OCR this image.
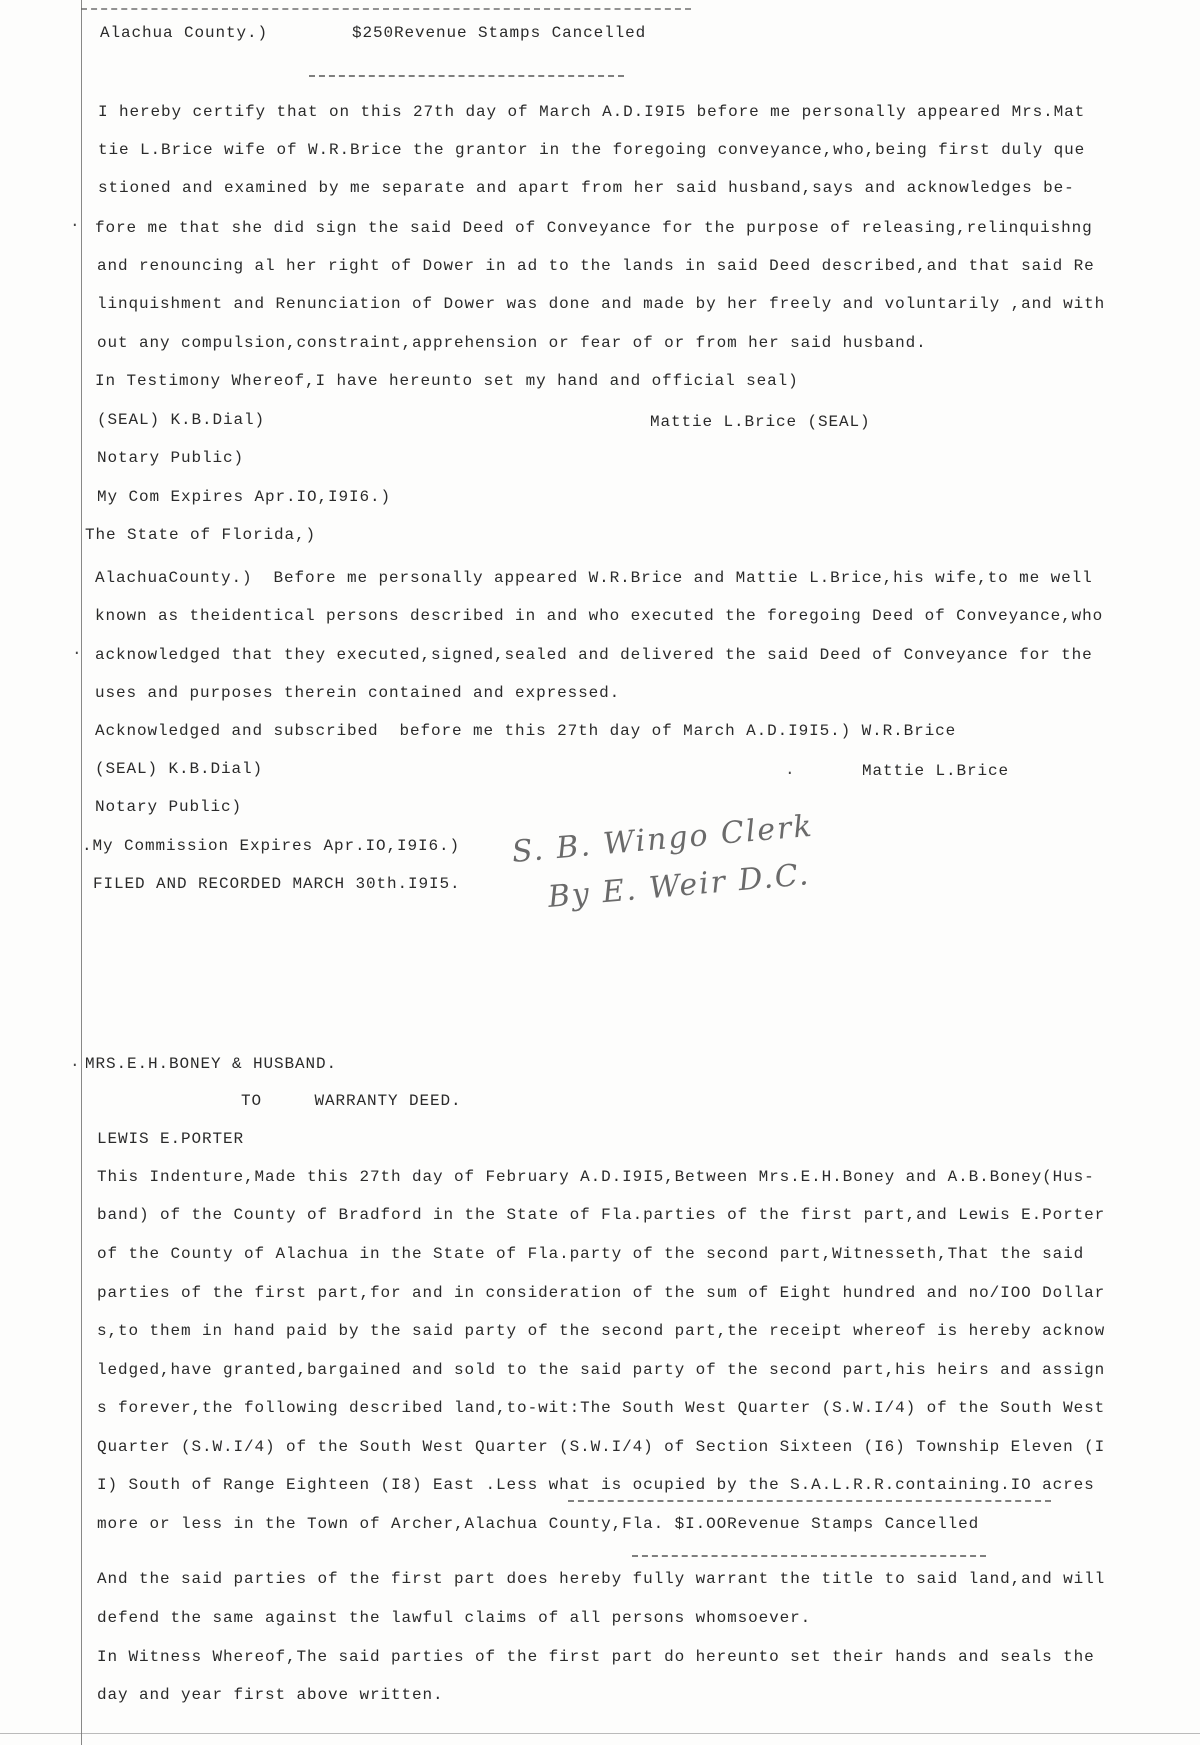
Alachua County.)        $250Revenue Stamps Cancelled
I hereby certify that on this 27th day of March A.D.I9I5 before me personally appeared Mrs.Mat
tie L.Brice wife of W.R.Brice the grantor in the foregoing conveyance,who,being first duly que
stioned and examined by me separate and apart from her said husband,says and acknowledges be-
. fore me that she did sign the said Deed of Conveyance for the purpose of releasing,relinquishng
and renouncing al her right of Dower in ad to the lands in said Deed described,and that said Re
linquishment and Renunciation of Dower was done and made by her freely and voluntarily ,and with
out any compulsion,constraint,apprehension or fear of or from her said husband.
In Testimony Whereof,I have hereunto set my hand and official seal)
(SEAL) K.B.Dial)	Mattie L.Brice (SEAL)
Notary Public)
My Com Expires Apr.IO,I9I6.)
The State of Florida,)
AlachuaCounty.)  Before me personally appeared W.R.Brice and Mattie L.Brice,his wife,to me well
known as theidentical persons described in and who executed the foregoing Deed of Conveyance,who
. acknowledged that they executed,signed,sealed and delivered the said Deed of Conveyance for the
uses and purposes therein contained and expressed.
Acknowledged and subscribed  before me this 27th day of March A.D.I9I5.) W.R.Brice
(SEAL) K.B.Dial)	.	Mattie L.Brice
Notary Public)
.My Commission Expires Apr.IO,I9I6.)
FILED AND RECORDED MARCH 30th.I9I5.
S. B. Wingo Clerk
By E. Weir D.C.
. MRS.E.H.BONEY & HUSBAND.
TO     WARRANTY DEED.
LEWIS E.PORTER
This Indenture,Made this 27th day of February A.D.I9I5,Between Mrs.E.H.Boney and A.B.Boney(Hus-
band) of the County of Bradford in the State of Fla.parties of the first part,and Lewis E.Porter
of the County of Alachua in the State of Fla.party of the second part,Witnesseth,That the said
parties of the first part,for and in consideration of the sum of Eight hundred and no/IOO Dollar
s,to them in hand paid by the said party of the second part,the receipt whereof is hereby acknow
ledged,have granted,bargained and sold to the said party of the second part,his heirs and assign
s forever,the following described land,to-wit:The South West Quarter (S.W.I/4) of the South West
Quarter (S.W.I/4) of the South West Quarter (S.W.I/4) of Section Sixteen (I6) Township Eleven (I
I) South of Range Eighteen (I8) East .Less what is ocupied by the S.A.L.R.R.containing.IO acres
more or less in the Town of Archer,Alachua County,Fla. $I.OORevenue Stamps Cancelled
And the said parties of the first part does hereby fully warrant the title to said land,and will
defend the same against the lawful claims of all persons whomsoever.
In Witness Whereof,The said parties of the first part do hereunto set their hands and seals the
day and year first above written.
